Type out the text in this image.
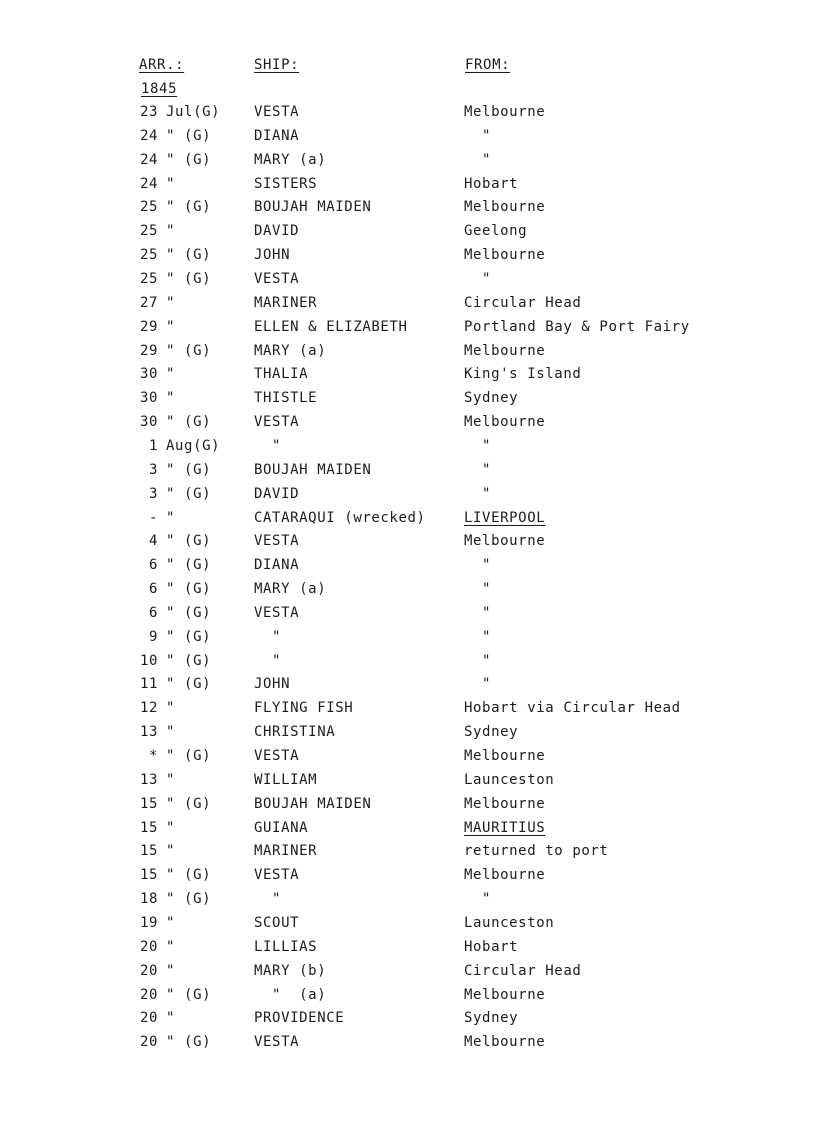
ARR.:	SHIP:	FROM:
1845
23 Jul(G)	VESTA	Melbourne
24 " (G)	DIANA	"
24 " (G)	MARY (a)	"
24 "	SISTERS	Hobart
25 " (G)	BOUJAH MAIDEN	Melbourne
25 "	DAVID	Geelong
25 " (G)	JOHN	Melbourne
25 " (G)	VESTA	"
27 "	MARINER	Circular Head
29 "	ELLEN & ELIZABETH	Portland Bay & Port Fairy
29 " (G)	MARY (a)	Melbourne
30 "	THALIA	King's Island
30 "	THISTLE	Sydney
30 " (G)	VESTA	Melbourne
1 Aug(G)	"	"
3 " (G)	BOUJAH MAIDEN	"
3 " (G)	DAVID	"
- "	CATARAQUI (wrecked)	LIVERPOOL
4 " (G)	VESTA	Melbourne
6 " (G)	DIANA	"
6 " (G)	MARY (a)	"
6 " (G)	VESTA	"
9 " (G)	"	"
10 " (G)	"	"
11 " (G)	JOHN	"
12 "	FLYING FISH	Hobart via Circular Head
13 "	CHRISTINA	Sydney
* " (G)	VESTA	Melbourne
13 "	WILLIAM	Launceston
15 " (G)	BOUJAH MAIDEN	Melbourne
15 "	GUIANA	MAURITIUS
15 "	MARINER	returned to port
15 " (G)	VESTA	Melbourne
18 " (G)	"	"
19 "	SCOUT	Launceston
20 "	LILLIAS	Hobart
20 "	MARY (b)	Circular Head
20 " (G)	"  (a)	Melbourne
20 "	PROVIDENCE	Sydney
20 " (G)	VESTA	Melbourne
